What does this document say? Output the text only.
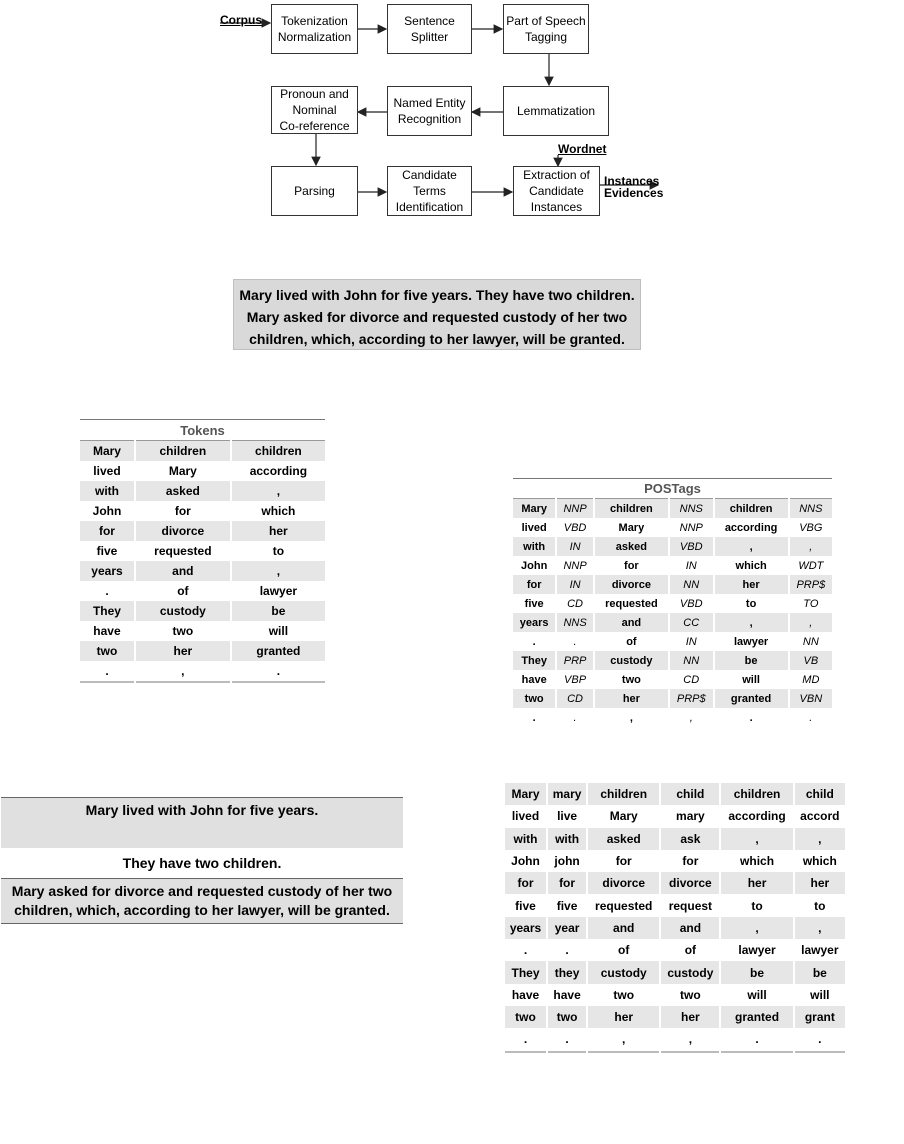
Corpus	Tokenization
Normalization
Sentence
Splitter
Part of Speech
Tagging
Lemmatization
Named Entity
Recognition
Pronoun and
Nominal
Co-reference
Parsing
Candidate
Terms
Identification
Extraction of
Candidate
Instances
Wordnet
Instances
Evidences
Mary lived with John for five years. They have two children. Mary asked for divorce and requested custody of her two children, which, according to her lawyer, will be granted.
Tokens		
Mary	children	children
lived	Mary	according
with	asked	,
John	for	which
for	divorce	her
five	requested	to
years	and	,
.	of	lawyer
They	custody	be
have	two	will
two	her	granted
.	,	.
POSTags					
Mary	NNP	children	NNS	children	NNS
lived	VBD	Mary	NNP	according	VBG
with	IN	asked	VBD	,	,
John	NNP	for	IN	which	WDT
for	IN	divorce	NN	her	PRP$
five	CD	requested	VBD	to	TO
years	NNS	and	CC	,	,
.	.	of	IN	lawyer	NN
They	PRP	custody	NN	be	VB
have	VBP	two	CD	will	MD
two	CD	her	PRP$	granted	VBN
.	.	,	,	.	.
Mary lived with John for five years.
They have two children.
Mary asked for divorce and requested custody of her two children, which, according to her lawyer, will be granted.
Mary	mary	children	child	children	child
lived	live	Mary	mary	according	accord
with	with	asked	ask	,	,
John	john	for	for	which	which
for	for	divorce	divorce	her	her
five	five	requested	request	to	to
years	year	and	and	,	,
.	.	of	of	lawyer	lawyer
They	they	custody	custody	be	be
have	have	two	two	will	will
two	two	her	her	granted	grant
.	.	,	,	.	.
